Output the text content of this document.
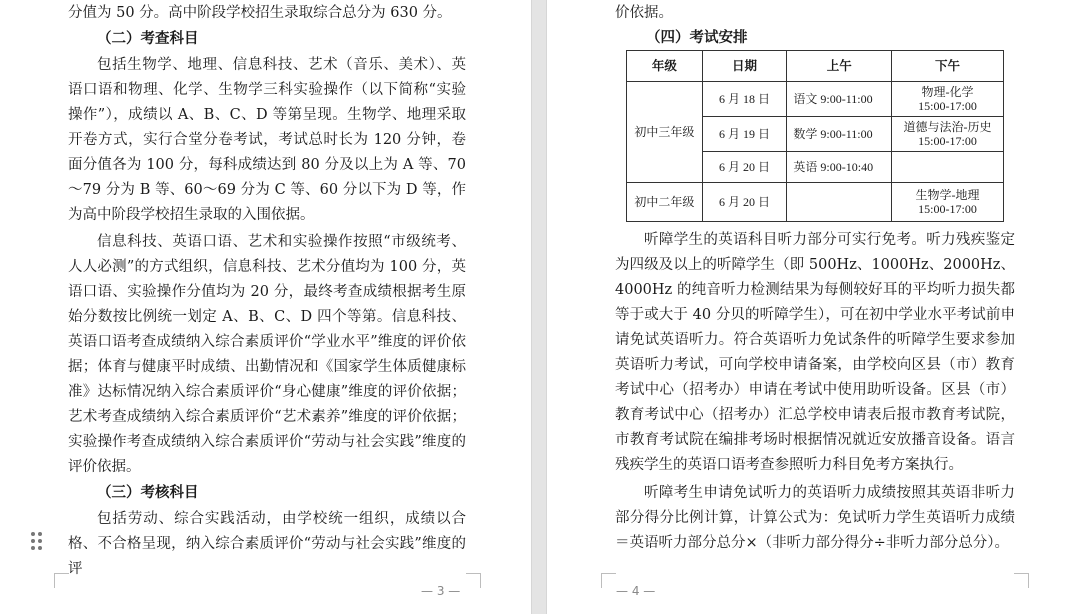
分值为 50 分。高中阶段学校招生录取综合总分为 630 分。

（二）考查科目

包括生物学、地理、信息科技、艺术（音乐、美术）、英语口语和物理、化学、生物学三科实验操作（以下简称“实验操作”），成绩以 A、B、C、D 等第呈现。生物学、地理采取开卷方式，实行合堂分卷考试，考试总时长为 120 分钟，卷面分值各为 100 分，每科成绩达到 80 分及以上为 A 等、70～79 分为 B 等、60～69 分为 C 等、60 分以下为 D 等，作为高中阶段学校招生录取的入围依据。

信息科技、英语口语、艺术和实验操作按照“市级统考、人人必测”的方式组织，信息科技、艺术分值均为 100 分，英语口语、实验操作分值均为 20 分，最终考查成绩根据考生原始分数按比例统一划定 A、B、C、D 四个等第。信息科技、英语口语考查成绩纳入综合素质评价“学业水平”维度的评价依据；体育与健康平时成绩、出勤情况和《国家学生体质健康标准》达标情况纳入综合素质评价“身心健康”维度的评价依据；艺术考查成绩纳入综合素质评价“艺术素养”维度的评价依据；实验操作考查成绩纳入综合素质评价“劳动与社会实践”维度的评价依据。

（三）考核科目

包括劳动、综合实践活动，由学校统一组织，成绩以合格、不合格呈现，纳入综合素质评价“劳动与社会实践”维度的评

— 3 —

价依据。

（四）考试安排

年级	日期	上午	下午
初中三年级	6 月 18 日	语文 9:00-11:00	物理-化学
15:00-17:00

	6 月 19 日	数学 9:00-11:00	道德与法治-历史
15:00-17:00

	6 月 20 日	英语 9:00-10:40	
初中二年级	6 月 20 日		生物学-地理
15:00-17:00

听障学生的英语科目听力部分可实行免考。听力残疾鉴定为四级及以上的听障学生（即 500Hz、1000Hz、2000Hz、4000Hz 的纯音听力检测结果为每侧较好耳的平均听力损失都等于或大于 40 分贝的听障学生），可在初中学业水平考试前申请免试英语听力。符合英语听力免试条件的听障学生要求参加英语听力考试，可向学校申请备案，由学校向区县（市）教育考试中心（招考办）申请在考试中使用助听设备。区县（市）教育考试中心（招考办）汇总学校申请表后报市教育考试院，市教育考试院在编排考场时根据情况就近安放播音设备。语言残疾学生的英语口语考查参照听力科目免考方案执行。

听障考生申请免试听力的英语听力成绩按照其英语非听力部分得分比例计算，计算公式为：免试听力学生英语听力成绩＝英语听力部分总分×（非听力部分得分÷非听力部分总分）。

— 4 —
